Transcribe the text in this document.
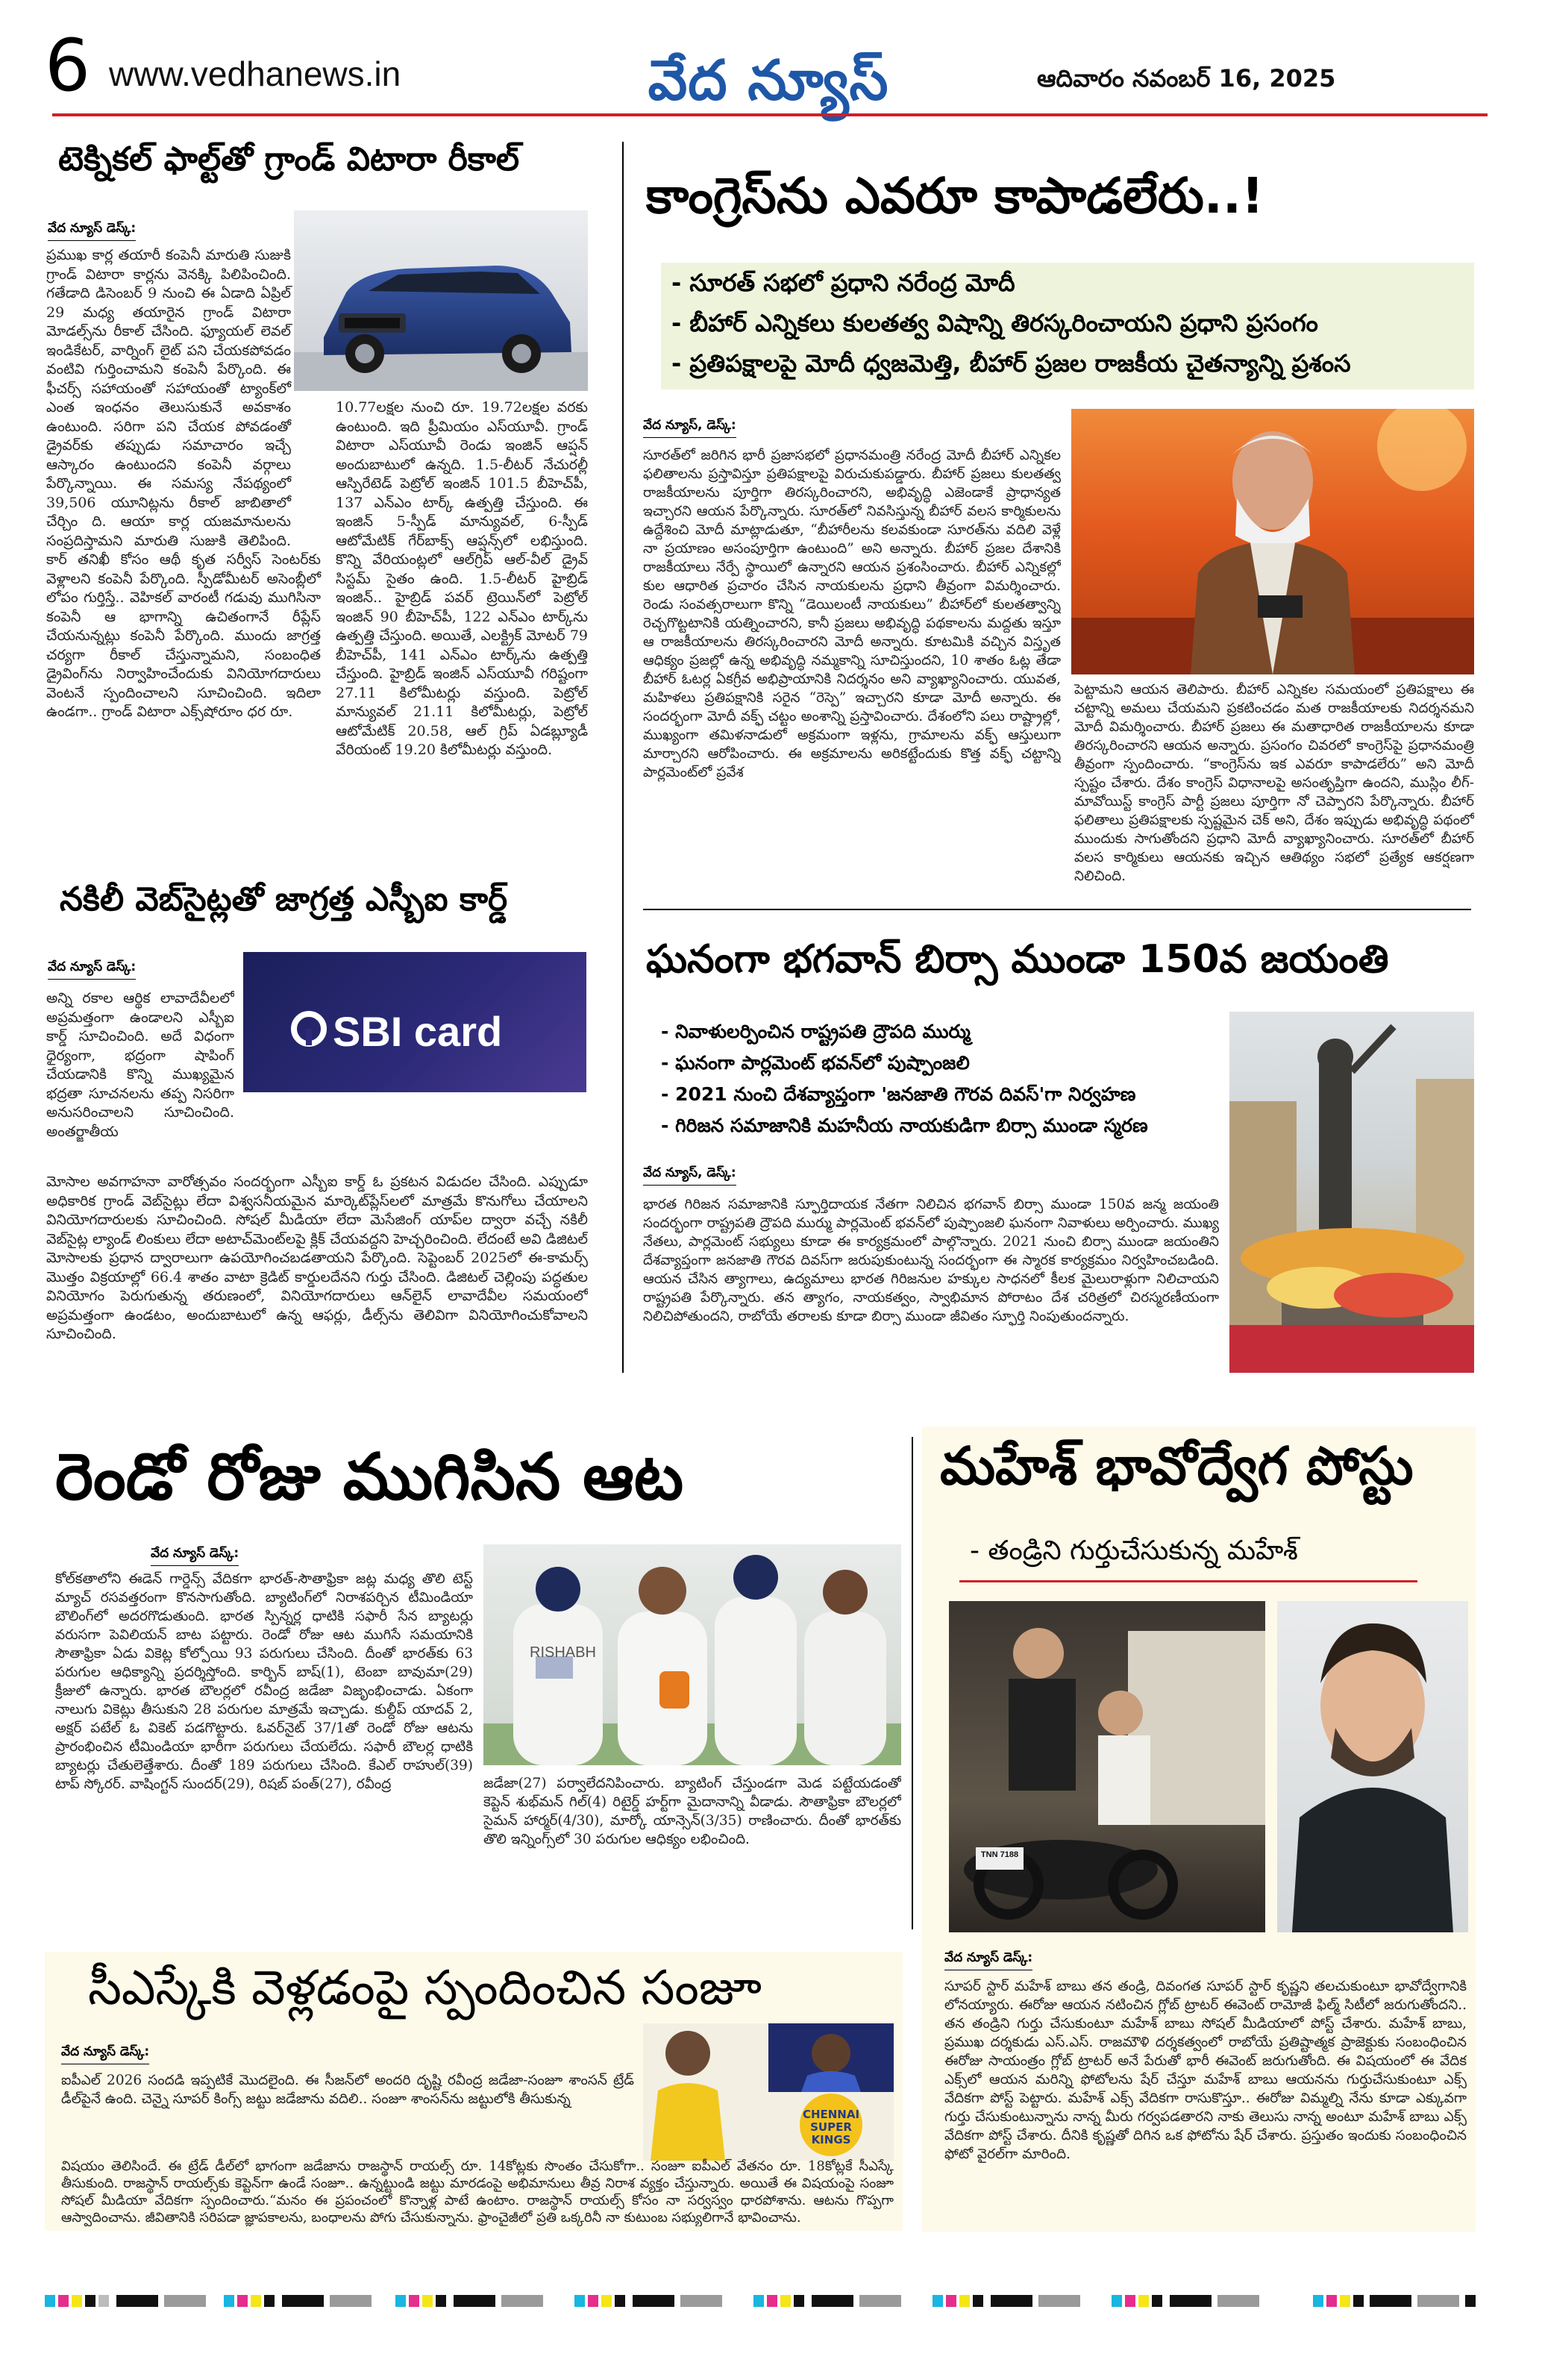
6 www.vedhanews.in	వేద న్యూస్	ఆదివారం నవంబర్ 16, 2025
టెక్నికల్ ఫాల్ట్‌తో గ్రాండ్ విటారా రీకాల్
వేద న్యూస్ డెస్క్:
ప్రముఖ కార్ల తయారీ కంపెనీ మారుతి సుజుకి గ్రాండ్ విటారా కార్లను వెనక్కి పిలిపించింది. గతేడాది డిసెంబర్ 9 నుంచి ఈ ఏడాది ఏప్రిల్ 29 మధ్య తయారైన గ్రాండ్ విటారా మోడల్స్‌ను రీకాల్ చేసింది. ఫ్యూయల్ లెవల్ ఇండికేటర్, వార్నింగ్ లైట్ పని చేయకపోవడం వంటివి గుర్తించామని కంపెనీ పేర్కొంది. ఈ ఫీచర్స్ సహాయంతో సహాయంతో ట్యాంక్‌లో ఎంత ఇంధనం తెలుసుకునే అవకాశం ఉంటుంది. సరిగా పని చేయక పోవడంతో డ్రైవర్‌కు తప్పుడు సమాచారం ఇచ్చే ఆస్కారం ఉంటుందని కంపెనీ వర్గాలు పేర్కొన్నాయి. ఈ సమస్య నేపథ్యంలో 39,506 యూనిట్లను రీకాల్ జాబితాలో చేర్చిం ది. ఆయా కార్ల యజమానులను సంప్రదిస్తామని మారుతి సుజుకి తెలిపింది. కార్ తనిఖీ కోసం ఆథీ కృత సర్వీస్ సెంటర్‌కు వెళ్లాలని కంపెనీ పేర్కొంది. స్పీడోమీటర్ అసెంబ్లీలో లోపం గుర్తిస్తే.. వెహికల్ వారంటీ గడువు ముగిసినా కంపెనీ ఆ భాగాన్ని ఉచితంగానే రీప్లేస్ చేయనున్నట్లు కంపెనీ పేర్కొంది. ముందు జాగ్రత్త చర్యగా రీకాల్ చేస్తున్నామని, సంబంధిత డ్రైవింగ్‌ను నిర్వాహించేందుకు వినియోగదారులు వెంటనే స్పందించాలని సూచించింది. ఇదిలా ఉండగా.. గ్రాండ్ విటారా ఎక్స్‌షోరూం ధర రూ.
10.77లక్షల నుంచి రూ. 19.72లక్షల వరకు ఉంటుంది. ఇది ప్రీమియం ఎస్‌యూవీ. గ్రాండ్ విటారా ఎస్‌యూవీ రెండు ఇంజిన్ ఆప్షన్ అందుబాటులో ఉన్నది. 1.5-లీటర్ నేచురల్లీ ఆస్పిరేటెడ్ పెట్రోల్ ఇంజిన్ 101.5 బీహెచ్‌పీ, 137 ఎన్‌ఎం టార్క్ ఉత్పత్తి చేస్తుంది. ఈ ఇంజిన్ 5-స్పీడ్ మాన్యువల్, 6-స్పీడ్ ఆటోమేటిక్ గేర్‌బాక్స్ ఆప్షన్స్‌లో లభిస్తుంది. కొన్ని వేరియంట్లలో ఆల్‌గ్రిప్ ఆల్-వీల్ డ్రైవ్ సిస్టమ్ సైతం ఉంది. 1.5-లీటర్ హైబ్రిడ్ ఇంజిన్.. హైబ్రిడ్ పవర్ ట్రెయిన్‌లో పెట్రోల్ ఇంజిన్ 90 బీహెచ్‌పీ, 122 ఎన్‌ఎం టార్క్‌ను ఉత్పత్తి చేస్తుంది. అయితే, ఎలక్ట్రిక్ మోటర్ 79 బీహెచ్‌పీ, 141 ఎన్‌ఎం టార్క్‌ను ఉత్పత్తి చేస్తుంది. హైబ్రిడ్ ఇంజిన్ ఎస్‌యూవీ గరిష్టంగా 27.11 కిలోమీటర్లు వస్తుంది. పెట్రోల్ మాన్యువల్ 21.11 కిలోమీటర్లు, పెట్రోల్ ఆటోమేటిక్ 20.58, ఆల్ గ్రిప్ ఏడబ్ల్యూడీ వేరియంట్ 19.20 కిలోమీటర్లు వస్తుంది.
నకిలీ వెబ్‌సైట్లతో జాగ్రత్త ఎస్బీఐ కార్డ్
వేద న్యూస్ డెస్క్:
SBI card
అన్ని రకాల ఆర్థిక లావాదేవీలలో అప్రమత్తంగా ఉండాలని ఎస్బీఐ కార్డ్ సూచించింది. అదే విధంగా ధైర్యంగా, భద్రంగా షాపింగ్ చేయడానికి కొన్ని ముఖ్యమైన భద్రతా సూచనలను తప్ప నిసరిగా అనుసరించాలని సూచించింది. అంతర్జాతీయ
మోసాల అవగాహనా వారోత్సవం సందర్భంగా ఎస్బీఐ కార్డ్ ఓ ప్రకటన విడుదల చేసింది. ఎప్పుడూ అధికారిక గ్రాండ్ వెబ్‌సైట్లు లేదా విశ్వసనీయమైన మార్కెట్‌ప్లేస్‌లలో మాత్రమే కొనుగోలు చేయాలని వినియోగదారులకు సూచించింది. సోషల్ మీడియా లేదా మెసేజింగ్ యాప్‌ల ద్వారా వచ్చే నకిలీ వెబ్‌సైట్ల ల్యాండ్ లింకులు లేదా అటాచ్‌మెంట్‌లపై క్లిక్ చేయవద్దని హెచ్చరించింది. లేదంటే అవి డిజిటల్ మోసాలకు ప్రధాన ద్వారాలుగా ఉపయోగించబడతాయని పేర్కొంది. సెప్టెంబర్ 2025లో ఈ-కామర్స్ మొత్తం విక్రయాల్లో 66.4 శాతం వాటా క్రెడిట్ కార్డులదేనని గుర్తు చేసింది. డిజిటల్ చెల్లింపు పద్ధతుల వినియోగం పెరుగుతున్న తరుణంలో, వినియోగదారులు ఆన్‌లైన్ లావాదేవీల సమయంలో అప్రమత్తంగా ఉండటం, అందుబాటులో ఉన్న ఆఫర్లు, డీల్స్‌ను తెలివిగా వినియోగించుకోవాలని సూచించింది.
కాంగ్రెస్‌ను ఎవరూ కాపాడలేరు..!
- సూరత్ సభలో ప్రధాని నరేంద్ర మోదీ
- బీహార్ ఎన్నికలు కులతత్వ విషాన్ని తిరస్కరించాయని ప్రధాని ప్రసంగం
- ప్రతిపక్షాలపై మోదీ ధ్వజమెత్తి, బీహార్ ప్రజల రాజకీయ చైతన్యాన్ని ప్రశంస
వేద న్యూస్, డెస్క్:
సూరత్‌లో జరిగిన భారీ ప్రజాసభలో ప్రధానమంత్రి నరేంద్ర మోదీ బీహార్ ఎన్నికల ఫలితాలను ప్రస్తావిస్తూ ప్రతిపక్షాలపై విరుచుకుపడ్డారు. బీహార్ ప్రజలు కులతత్వ రాజకీయాలను పూర్తిగా తిరస్కరించారని, అభివృద్ధి ఎజెండాకే ప్రాధాన్యత ఇచ్చారని ఆయన పేర్కొన్నారు. సూరత్‌లో నివసిస్తున్న బీహార్ వలస కార్మికులను ఉద్దేశించి మోదీ మాట్లాడుతూ, “బీహారీలను కలవకుండా సూరత్‌ను వదిలి వెళ్లే నా ప్రయాణం అసంపూర్తిగా ఉంటుంది” అని అన్నారు. బీహార్ ప్రజల దేశానికి రాజకీయాలు నేర్పే స్థాయిలో ఉన్నారని ఆయన ప్రశంసించారు. బీహార్ ఎన్నికల్లో కుల ఆధారిత ప్రచారం చేసిన నాయకులను ప్రధాని తీవ్రంగా విమర్శించారు. రెండు సంవత్సరాలుగా కొన్ని “డెయిలంటీ నాయకులు” బీహార్‌లో కులతత్వాన్ని రెచ్చగొట్టటానికి యత్నించారని, కానీ ప్రజలు అభివృద్ధి పథకాలను మద్దతు ఇస్తూ ఆ రాజకీయాలను తిరస్కరించారని మోదీ అన్నారు. కూటమికి వచ్చిన విస్తృత ఆధిక్యం ప్రజల్లో ఉన్న అభివృద్ధి నమ్మకాన్ని సూచిస్తుందని, 10 శాతం ఓట్ల తేడా బీహార్ ఓటర్ల ఏకగ్రీవ అభిప్రాయానికి నిదర్శనం అని వ్యాఖ్యానించారు. యువత, మహిళలు ప్రతిపక్షానికి సరైన “రెస్పె” ఇచ్చారని కూడా మోదీ అన్నారు. ఈ సందర్భంగా మోదీ వక్ఫ్ చట్టం అంశాన్ని ప్రస్తావించారు. దేశంలోని పలు రాష్ట్రాల్లో, ముఖ్యంగా తమిళనాడులో అక్రమంగా ఇళ్లను, గ్రామాలను వక్ఫ్ ఆస్తులుగా మార్చారని ఆరోపించారు. ఈ అక్రమాలను అరికట్టేందుకు కొత్త వక్ఫ్ చట్టాన్ని పార్లమెంట్‌లో ప్రవేశ
పెట్టామని ఆయన తెలిపారు. బీహార్ ఎన్నికల సమయంలో ప్రతిపక్షాలు ఈ చట్టాన్ని అమలు చేయమని ప్రకటించడం మత రాజకీయాలకు నిదర్శనమని మోదీ విమర్శించారు. బీహార్ ప్రజలు ఈ మతాధారిత రాజకీయాలను కూడా తిరస్కరించారని ఆయన అన్నారు. ప్రసంగం చివరలో కాంగ్రెస్‌పై ప్రధానమంత్రి తీవ్రంగా స్పందించారు. “కాంగ్రెస్‌ను ఇక ఎవరూ కాపాడలేరు” అని మోదీ స్పష్టం చేశారు. దేశం కాంగ్రెస్ విధానాలపై అసంతృప్తిగా ఉందని, ముస్లిం లీగ్-మావోయిస్ట్ కాంగ్రెస్ పార్టీ ప్రజలు పూర్తిగా నో చెప్పారని పేర్కొన్నారు. బీహార్ ఫలితాలు ప్రతిపక్షాలకు స్పష్టమైన చెక్ అని, దేశం ఇప్పుడు అభివృద్ధి పథంలో ముందుకు సాగుతోందని ప్రధాని మోదీ వ్యాఖ్యానించారు. సూరత్‌లో బీహార్ వలస కార్మికులు ఆయనకు ఇచ్చిన ఆతిథ్యం సభలో ప్రత్యేక ఆకర్షణగా నిలిచింది.
ఘనంగా భగవాన్ బిర్సా ముండా 150వ జయంతి
- నివాళులర్పించిన రాష్ట్రపతి ద్రౌపది ముర్ము
- ఘనంగా పార్లమెంట్ భవన్‌లో పుష్పాంజలి
- 2021 నుంచి దేశవ్యాప్తంగా 'జనజాతి గౌరవ దివస్'గా నిర్వహణ
- గిరిజన సమాజానికి మహనీయ నాయకుడిగా బిర్సా ముండా స్మరణ
వేద న్యూస్, డెస్క్:
భారత గిరిజన సమాజానికి స్ఫూర్తిదాయక నేతగా నిలిచిన భగవాన్ బిర్సా ముండా 150వ జన్మ జయంతి సందర్భంగా రాష్ట్రపతి ద్రౌపది ముర్ము పార్లమెంట్ భవన్‌లో పుష్పాంజలి ఘనంగా నివాళులు అర్పించారు. ముఖ్య నేతలు, పార్లమెంట్ సభ్యులు కూడా ఈ కార్యక్రమంలో పాల్గొన్నారు. 2021 నుంచి బిర్సా ముండా జయంతిని దేశవ్యాప్తంగా జనజాతి గౌరవ దివస్‌గా జరుపుకుంటున్న సందర్భంగా ఈ స్మారక కార్యక్రమం నిర్వహించబడింది. ఆయన చేసిన త్యాగాలు, ఉద్యమాలు భారత గిరిజనుల హక్కుల సాధనలో కీలక మైలురాళ్లుగా నిలిచాయని రాష్ట్రపతి పేర్కొన్నారు. తన త్యాగం, నాయకత్వం, స్వాభిమాన పోరాటం దేశ చరిత్రలో చిరస్మరణీయంగా నిలిచిపోతుందని, రాబోయే తరాలకు కూడా బిర్సా ముండా జీవితం స్ఫూర్తి నింపుతుందన్నారు.
రెండో రోజు ముగిసిన ఆట
వేద న్యూస్ డెస్క్:
RISHABH
కోల్‌కతాలోని ఈడెన్ గార్డెన్స్ వేదికగా భారత్-సౌతాఫ్రికా జట్ల మధ్య తొలి టెస్ట్ మ్యాచ్ రసవత్తరంగా కొనసాగుతోంది. బ్యాటింగ్‌లో నిరాశపర్చిన టీమిండియా బౌలింగ్‌లో అదరగొడుతుంది. భారత స్పిన్నర్ల ధాటికి సఫారీ సేన బ్యాటర్లు వరుసగా పెవిలియన్ బాట పట్టారు. రెండో రోజు ఆట ముగిసే సమయానికి సౌతాఫ్రికా ఏడు వికెట్ల కోల్పోయి 93 పరుగులు చేసింది. దీంతో భారత్‌కు 63 పరుగుల ఆధిక్యాన్ని ప్రదర్శిస్తోంది. కార్బిన్ బాష్(1), టెంబా బావుమా(29) క్రీజులో ఉన్నారు. భారత బౌలర్లలో రవీంద్ర జడేజా విజృంభించాడు. ఏకంగా నాలుగు వికెట్లు తీసుకుని 28 పరుగుల మాత్రమే ఇచ్చాడు. కుల్దీప్ యాదవ్ 2, అక్షర్ పటేల్ ఓ వికెట్ పడగొట్టారు. ఓవర్‌నైట్ 37/1తో రెండో రోజు ఆటను ప్రారంభించిన టీమిండియా భారీగా పరుగులు చేయలేదు. సఫారీ బౌలర్ల ధాటికి బ్యాటర్లు చేతులెత్తేశారు. దీంతో 189 పరుగులు చేసింది. కేఎల్ రాహుల్(39) టాప్ స్కోరర్. వాషింగ్టన్ సుందర్(29), రిషబ్ పంత్(27), రవీంద్ర	జడేజా(27) పర్వాలేదనిపించారు. బ్యాటింగ్ చేస్తుండగా మెడ పట్టేయడంతో కెప్టెన్ శుభ్‌మన్ గిల్(4) రిటైర్డ్ హర్ట్‌గా మైదానాన్ని వీడాడు. సౌతాఫ్రికా బౌలర్లలో సైమన్ హార్మర్(4/30), మార్కో యాన్సెన్(3/35) రాణించారు. దీంతో భారత్‌కు తొలి ఇన్నింగ్స్‌లో 30 పరుగుల ఆధిక్యం లభించింది.
సీఎస్కేకి వెళ్లడంపై స్పందించిన సంజూ
వేద న్యూస్ డెస్క్:
CHENNAI SUPER KINGS
ఐపీఎల్ 2026 సందడి ఇప్పటికే మొదలైంది. ఈ సీజన్‌లో అందరి దృష్టి రవీంద్ర జడేజా-సంజూ శాంసన్ ట్రేడ్ డీల్‌పైనే ఉంది. చెన్నై సూపర్ కింగ్స్ జట్టు జడేజాను వదిలి.. సంజూ శాంసన్‌ను జట్టులోకి తీసుకున్న
విషయం తెలిసిందే. ఈ ట్రేడ్ డీల్‌లో భాగంగా జడేజాను రాజస్థాన్ రాయల్స్ రూ. 14కోట్లకు సొంతం చేసుకోగా.. సంజూ ఐపీఎల్ వేతనం రూ. 18కోట్లకే సీఎస్కే తీసుకుంది. రాజస్థాన్ రాయల్స్‌కు కెప్టెన్‌గా ఉండే సంజూ.. ఉన్నట్టుండి జట్టు మారడంపై అభిమానులు తీవ్ర నిరాశ వ్యక్తం చేస్తున్నారు. అయితే ఈ విషయంపై సంజూ సోషల్ మీడియా వేదికగా స్పందించారు.“మనం ఈ ప్రపంచంలో కొన్నాళ్ల పాటే ఉంటాం. రాజస్థాన్ రాయల్స్ కోసం నా సర్వస్వం ధారపోశాను. ఆటను గొప్పగా ఆస్వాదించాను. జీవితానికి సరిపడా జ్ఞాపకాలను, బంధాలను పోగు చేసుకున్నాను. ఫ్రాంచైజీలో ప్రతి ఒక్కరినీ నా కుటుంబ సభ్యులిగానే భావించాను.
మహేశ్ భావోద్వేగ పోస్టు
- తండ్రిని గుర్తుచేసుకున్న మహేశ్
TNN 7188
వేద న్యూస్ డెస్క్:
సూపర్ స్టార్ మహేశ్ బాబు తన తండ్రి, దివంగత సూపర్ స్టార్ కృష్ణని తలచుకుంటూ భావోద్వేగానికి లోనయ్యారు. ఈరోజు ఆయన నటించిన గ్లోబ్ ట్రాటర్ ఈవెంట్ రామోజీ ఫిల్మ్ సిటీలో జరుగుతోందని.. తన తండ్రిని గుర్తు చేసుకుంటూ మహేశ్ బాబు సోషల్ మీడియాలో పోస్ట్ చేశారు. మహేశ్ బాబు, ప్రముఖ దర్శకుడు ఎస్.ఎస్. రాజమౌళి దర్శకత్వంలో రాబోయే ప్రతిష్టాత్మక ప్రాజెక్టుకు సంబంధించిన ఈరోజు సాయంత్రం గ్లోబ్ ట్రాటర్ అనే పేరుతో భారీ ఈవెంట్ జరుగుతోంది. ఈ విషయంలో ఈ వేదిక ఎక్స్‌లో ఆయన మరిన్ని ఫోటోలను షేర్ చేస్తూ మహేశ్ బాబు ఆయనను గుర్తుచేసుకుంటూ ఎక్స్ వేదికగా పోస్ట్ పెట్టారు. మహేశ్ ఎక్స్ వేదికగా రాసుకొస్తూ.. ఈరోజు విమ్మల్ని నేను కూడా ఎక్కువగా గుర్తు చేసుకుంటున్నాను నాన్న మీరు గర్వపడతారని నాకు తెలుసు నాన్న అంటూ మహేశ్ బాబు ఎక్స్ వేదికగా పోస్ట్ చేశారు. దీనికి కృష్ణతో దిగిన ఒక ఫోటోను షేర్ చేశారు. ప్రస్తుతం ఇందుకు సంబంధించిన ఫోటో వైరల్‌గా మారింది.
